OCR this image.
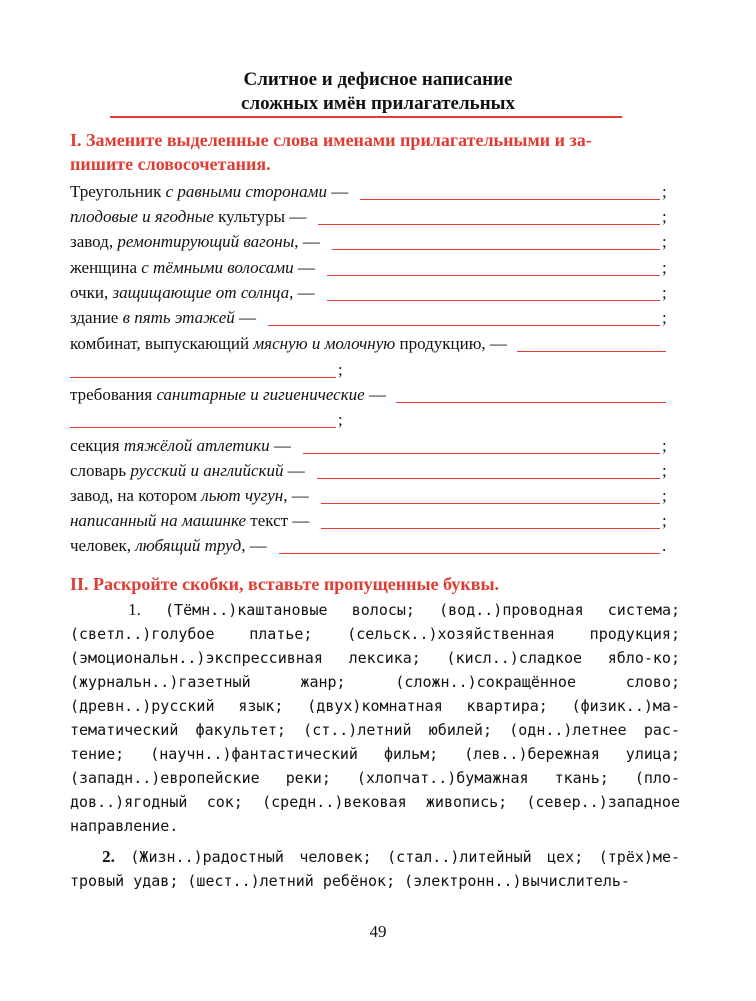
Слитное и дефисное написание
сложных имён прилагательных
I. Замените выделенные слова именами прилагательными и за-
пишите словосочетания.
Треугольник с равными сторонами —	;
плодовые и ягодные культуры —	;
завод, ремонтирующий вагоны, —	;
женщина с тёмными волосами —	;
очки, защищающие от солнца, —	;
здание в пять этажей —	;
комбинат, выпускающий мясную и молочную продукцию, —
;
требования санитарные и гигиенические —
;
секция тяжёлой атлетики —	;
словарь русский и английский —	;
завод, на котором льют чугун, —	;
написанный на машинке текст —	;
человек, любящий труд, —	.
II. Раскройте скобки, вставьте пропущенные буквы.
1. (Тёмн..)каштановые волосы; (вод..)проводная система; (светл..)голубое платье; (сельск..)хозяйственная продукция; (эмоциональн..)экспрессивная лексика; (кисл..)сладкое ябло-ко; (журнальн..)газетный жанр; (сложн..)сокращённое слово; (древн..)русский язык; (двух)комнатная квартира; (физик..)ма-тематический факультет; (ст..)летний юбилей; (одн..)летнее рас-тение; (научн..)фантастический фильм; (лев..)бережная улица; (западн..)европейские реки; (хлопчат..)бумажная ткань; (пло-дов..)ягодный сок; (средн..)вековая живопись; (север..)западное направление.
2. (Жизн..)радостный человек; (стал..)литейный цех; (трёх)ме-тровый удав; (шест..)летний ребёнок; (электронн..)вычислитель-
49
